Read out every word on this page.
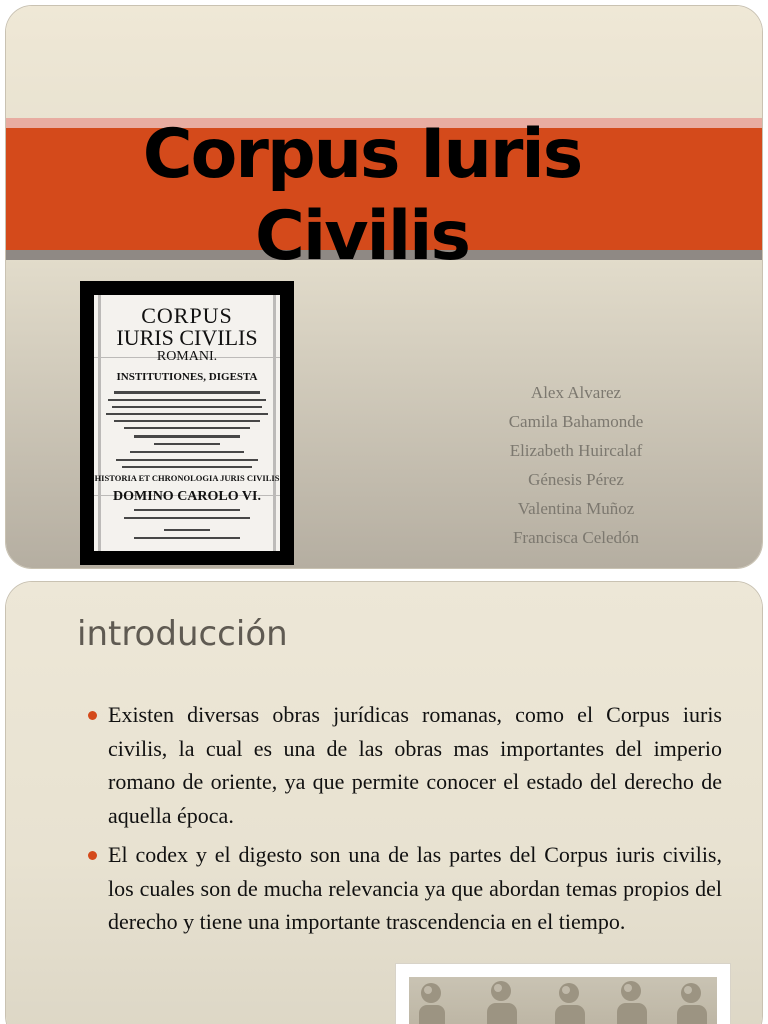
Corpus Iuris
Civilis
CORPUS
IURIS CIVILIS
ROMANI.
INSTITUTIONES, DIGESTA
HISTORIA ET CHRONOLOGIA JURIS CIVILIS
DOMINO CAROLO VI.
Alex Alvarez
Camila Bahamonde
Elizabeth Huircalaf
Génesis Pérez
Valentina Muñoz
Francisca Celedón
introducción
Existen diversas obras jurídicas romanas, como el Corpus iuris civilis, la cual es una de las obras mas importantes del imperio romano de oriente, ya que permite conocer el estado del derecho de aquella época.
El codex y el digesto son una de las partes del Corpus iuris civilis, los cuales son de mucha relevancia ya que abordan temas propios del derecho y tiene una importante trascendencia en el tiempo.
